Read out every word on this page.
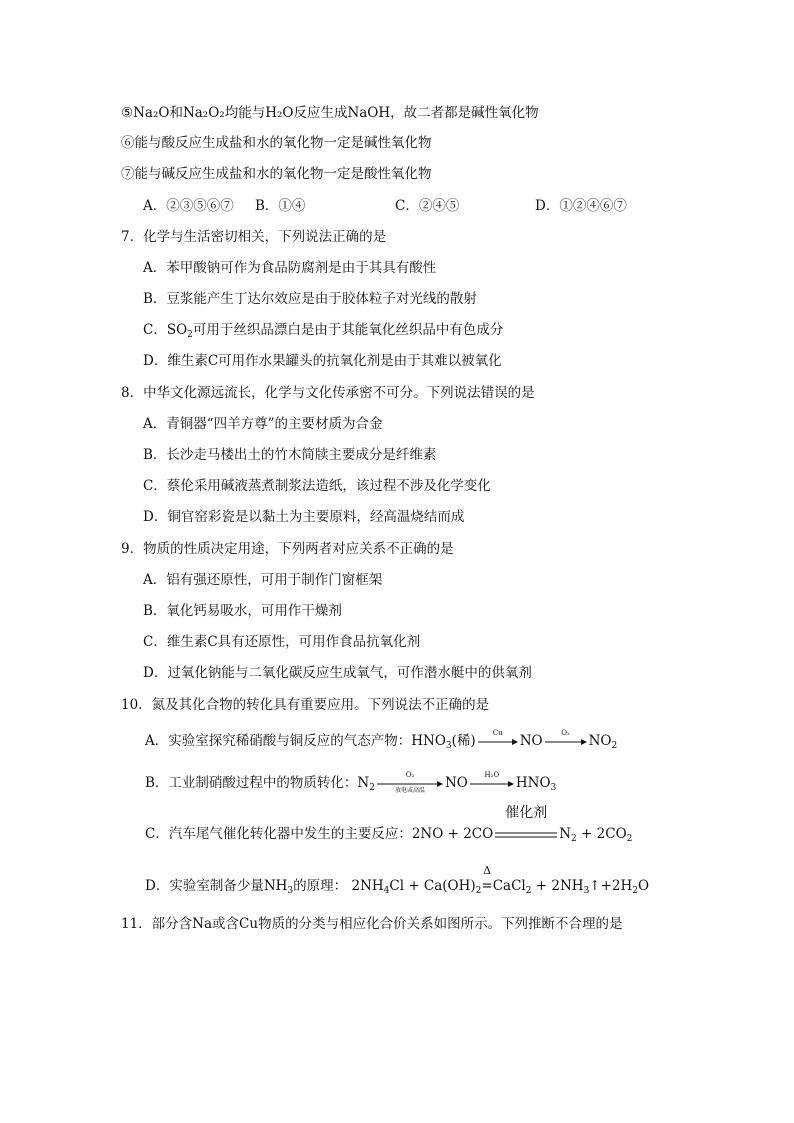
⑤Na₂O和Na₂O₂均能与H₂O反应生成NaOH，故二者都是碱性氧化物
⑥能与酸反应生成盐和水的氧化物一定是碱性氧化物
⑦能与碱反应生成盐和水的氧化物一定是酸性氧化物
A．②③⑤⑥⑦ B．①④	C．②④⑤	D．①②④⑥⑦
7．化学与生活密切相关，下列说法正确的是
A．苯甲酸钠可作为食品防腐剂是由于其具有酸性
B．豆浆能产生丁达尔效应是由于胶体粒子对光线的散射
C．$SO_2$可用于丝织品漂白是由于其能氧化丝织品中有色成分
D．维生素C可用作水果罐头的抗氧化剂是由于其难以被氧化
8．中华文化源远流长，化学与文化传承密不可分。下列说法错误的是
A．青铜器“四羊方尊”的主要材质为合金
B．长沙走马楼出土的竹木简牍主要成分是纤维素
C．蔡伦采用碱液蒸煮制浆法造纸，该过程不涉及化学变化
D．铜官窑彩瓷是以黏土为主要原料，经高温烧结而成
9．物质的性质决定用途，下列两者对应关系不正确的是
A．铝有强还原性，可用于制作门窗框架
B．氧化钙易吸水，可用作干燥剂
C．维生素C具有还原性，可用作食品抗氧化剂
D．过氧化钠能与二氧化碳反应生成氧气，可作潜水艇中的供氧剂
10．氮及其化合物的转化具有重要应用。下列说法不正确的是
A．实验室探究稀硝酸与铜反应的气态产物：$HNO_3$(稀)
Cu
NO
O₂
$NO_2$
B．工业制硝酸过程中的物质转化：$N_2$
O₂
放电或高温	NO
H₂O
$HNO_3$
C．汽车尾气催化转化器中发生的主要反应：2NO + 2CO
催化剂
$N_2 + 2CO_2$
D．实验室制备少量$NH_3$的原理： $2NH_4Cl + Ca(OH)_2$
Δ
=CaCl$_2$ + $2NH_3↑+2H_2O$
11．部分含Na或含Cu物质的分类与相应化合价关系如图所示。下列推断不合理的是
